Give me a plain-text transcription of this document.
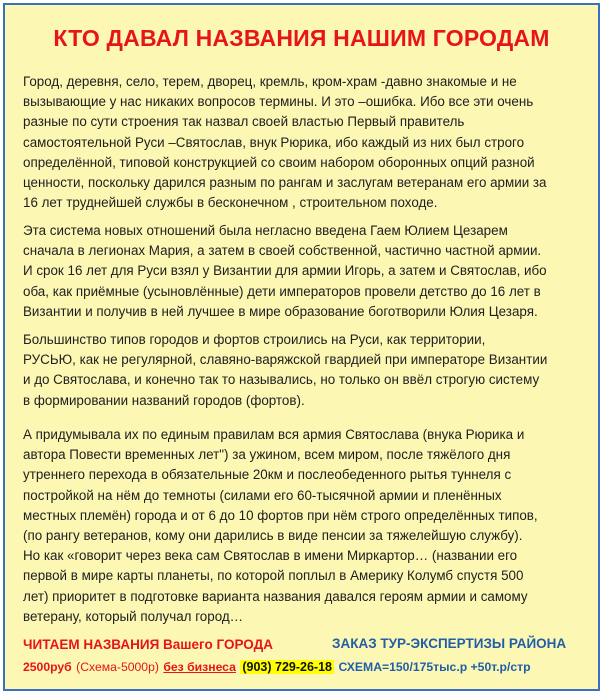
КТО ДАВАЛ НАЗВАНИЯ НАШИМ ГОРОДАМ
Город, деревня, село, терем, дворец, кремль, кром-храм -давно знакомые и не
вызывающие у нас никаких вопросов термины. И это –ошибка. Ибо все эти очень
разные по сути строения так назвал своей властью Первый правитель
самостоятельной Руси –Святослав, внук Рюрика, ибо каждый из них был строго
определённой, типовой конструкцией со своим набором оборонных опций разной
ценности, поскольку дарился разным по рангам и заслугам ветеранам его армии за
16 лет труднейшей службы в бесконечном , строительном походе.
Эта система новых отношений была негласно введена Гаем Юлием Цезарем
сначала в легионах Мария, а затем в своей собственной, частично частной армии.
И срок 16 лет для Руси взял у Византии для армии Игорь, а затем и Святослав, ибо
оба, как приёмные (усыновлённые) дети императоров провели детство до 16 лет в
Византии и получив в ней лучшее в мире образование боготворили Юлия Цезаря.
Большинство типов городов и фортов строились на Руси, как территории,
РУСЬЮ, как не регулярной, славяно-варяжской гвардией при императоре Византии
и до Святослава, и конечно так то назывались, но только он ввёл строгую систему
в формировании названий городов (фортов).
А придумывала их по единым правилам вся армия Святослава (внука Рюрика и
автора Повести временных лет") за ужином, всем миром, после тяжёлого дня
утреннего перехода в обязательные 20км и послеобеденного рытья туннеля с
постройкой на нём до темноты (силами его 60-тысячной армии и пленённых
местных племён) города и от 6 до 10 фортов при нём строго определённых типов,
(по рангу ветеранов, кому они дарились в виде пенсии за тяжелейшую службу).
Но как «говорит через века сам Святослав в имени Миркартор… (названии его
первой в мире карты планеты, по которой поплыл в Америку Колумб спустя 500
лет) приоритет в подготовке варианта названия давался героям армии и самому
ветерану, который получал город…
ЧИТАЕМ НАЗВАНИЯ Вашего ГОРОДА	ЗАКАЗ ТУР-ЭКСПЕРТИЗЫ РАЙОНА
2500руб (Схема-5000р) без бизнеса (903) 729-26-18 СХЕМА=150/175тыс.р +50т.р/стр
